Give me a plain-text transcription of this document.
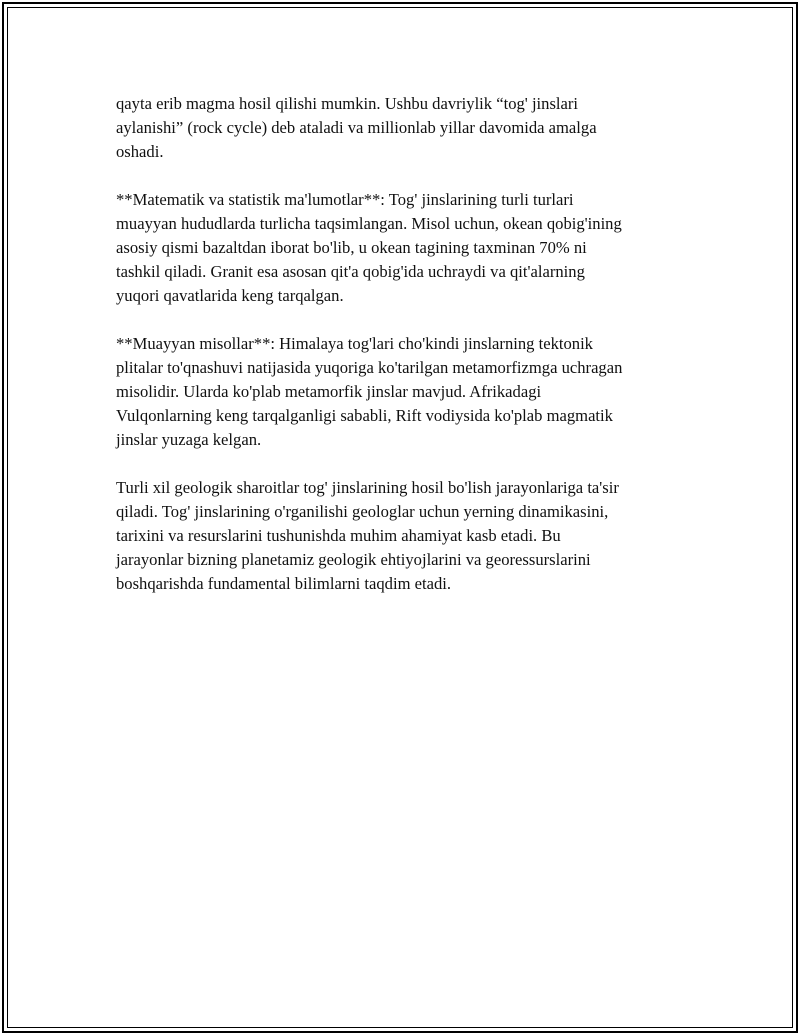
qayta erib magma hosil qilishi mumkin. Ushbu davriylik “tog' jinslari
aylanishi” (rock cycle) deb ataladi va millionlab yillar davomida amalga
oshadi.

**Matematik va statistik ma'lumotlar**: Tog' jinslarining turli turlari
muayyan hududlarda turlicha taqsimlangan. Misol uchun, okean qobig'ining
asosiy qismi bazaltdan iborat bo'lib, u okean tagining taxminan 70% ni
tashkil qiladi. Granit esa asosan qit'a qobig'ida uchraydi va qit'alarning
yuqori qavatlarida keng tarqalgan.

**Muayyan misollar**: Himalaya tog'lari cho'kindi jinslarning tektonik
plitalar to'qnashuvi natijasida yuqoriga ko'tarilgan metamorfizmga uchragan
misolidir. Ularda ko'plab metamorfik jinslar mavjud. Afrikadagi
Vulqonlarning keng tarqalganligi sababli, Rift vodiysida ko'plab magmatik
jinslar yuzaga kelgan.

Turli xil geologik sharoitlar tog' jinslarining hosil bo'lish jarayonlariga ta'sir
qiladi. Tog' jinslarining o'rganilishi geologlar uchun yerning dinamikasini,
tarixini va resurslarini tushunishda muhim ahamiyat kasb etadi. Bu
jarayonlar bizning planetamiz geologik ehtiyojlarini va georessurslarini
boshqarishda fundamental bilimlarni taqdim etadi.
